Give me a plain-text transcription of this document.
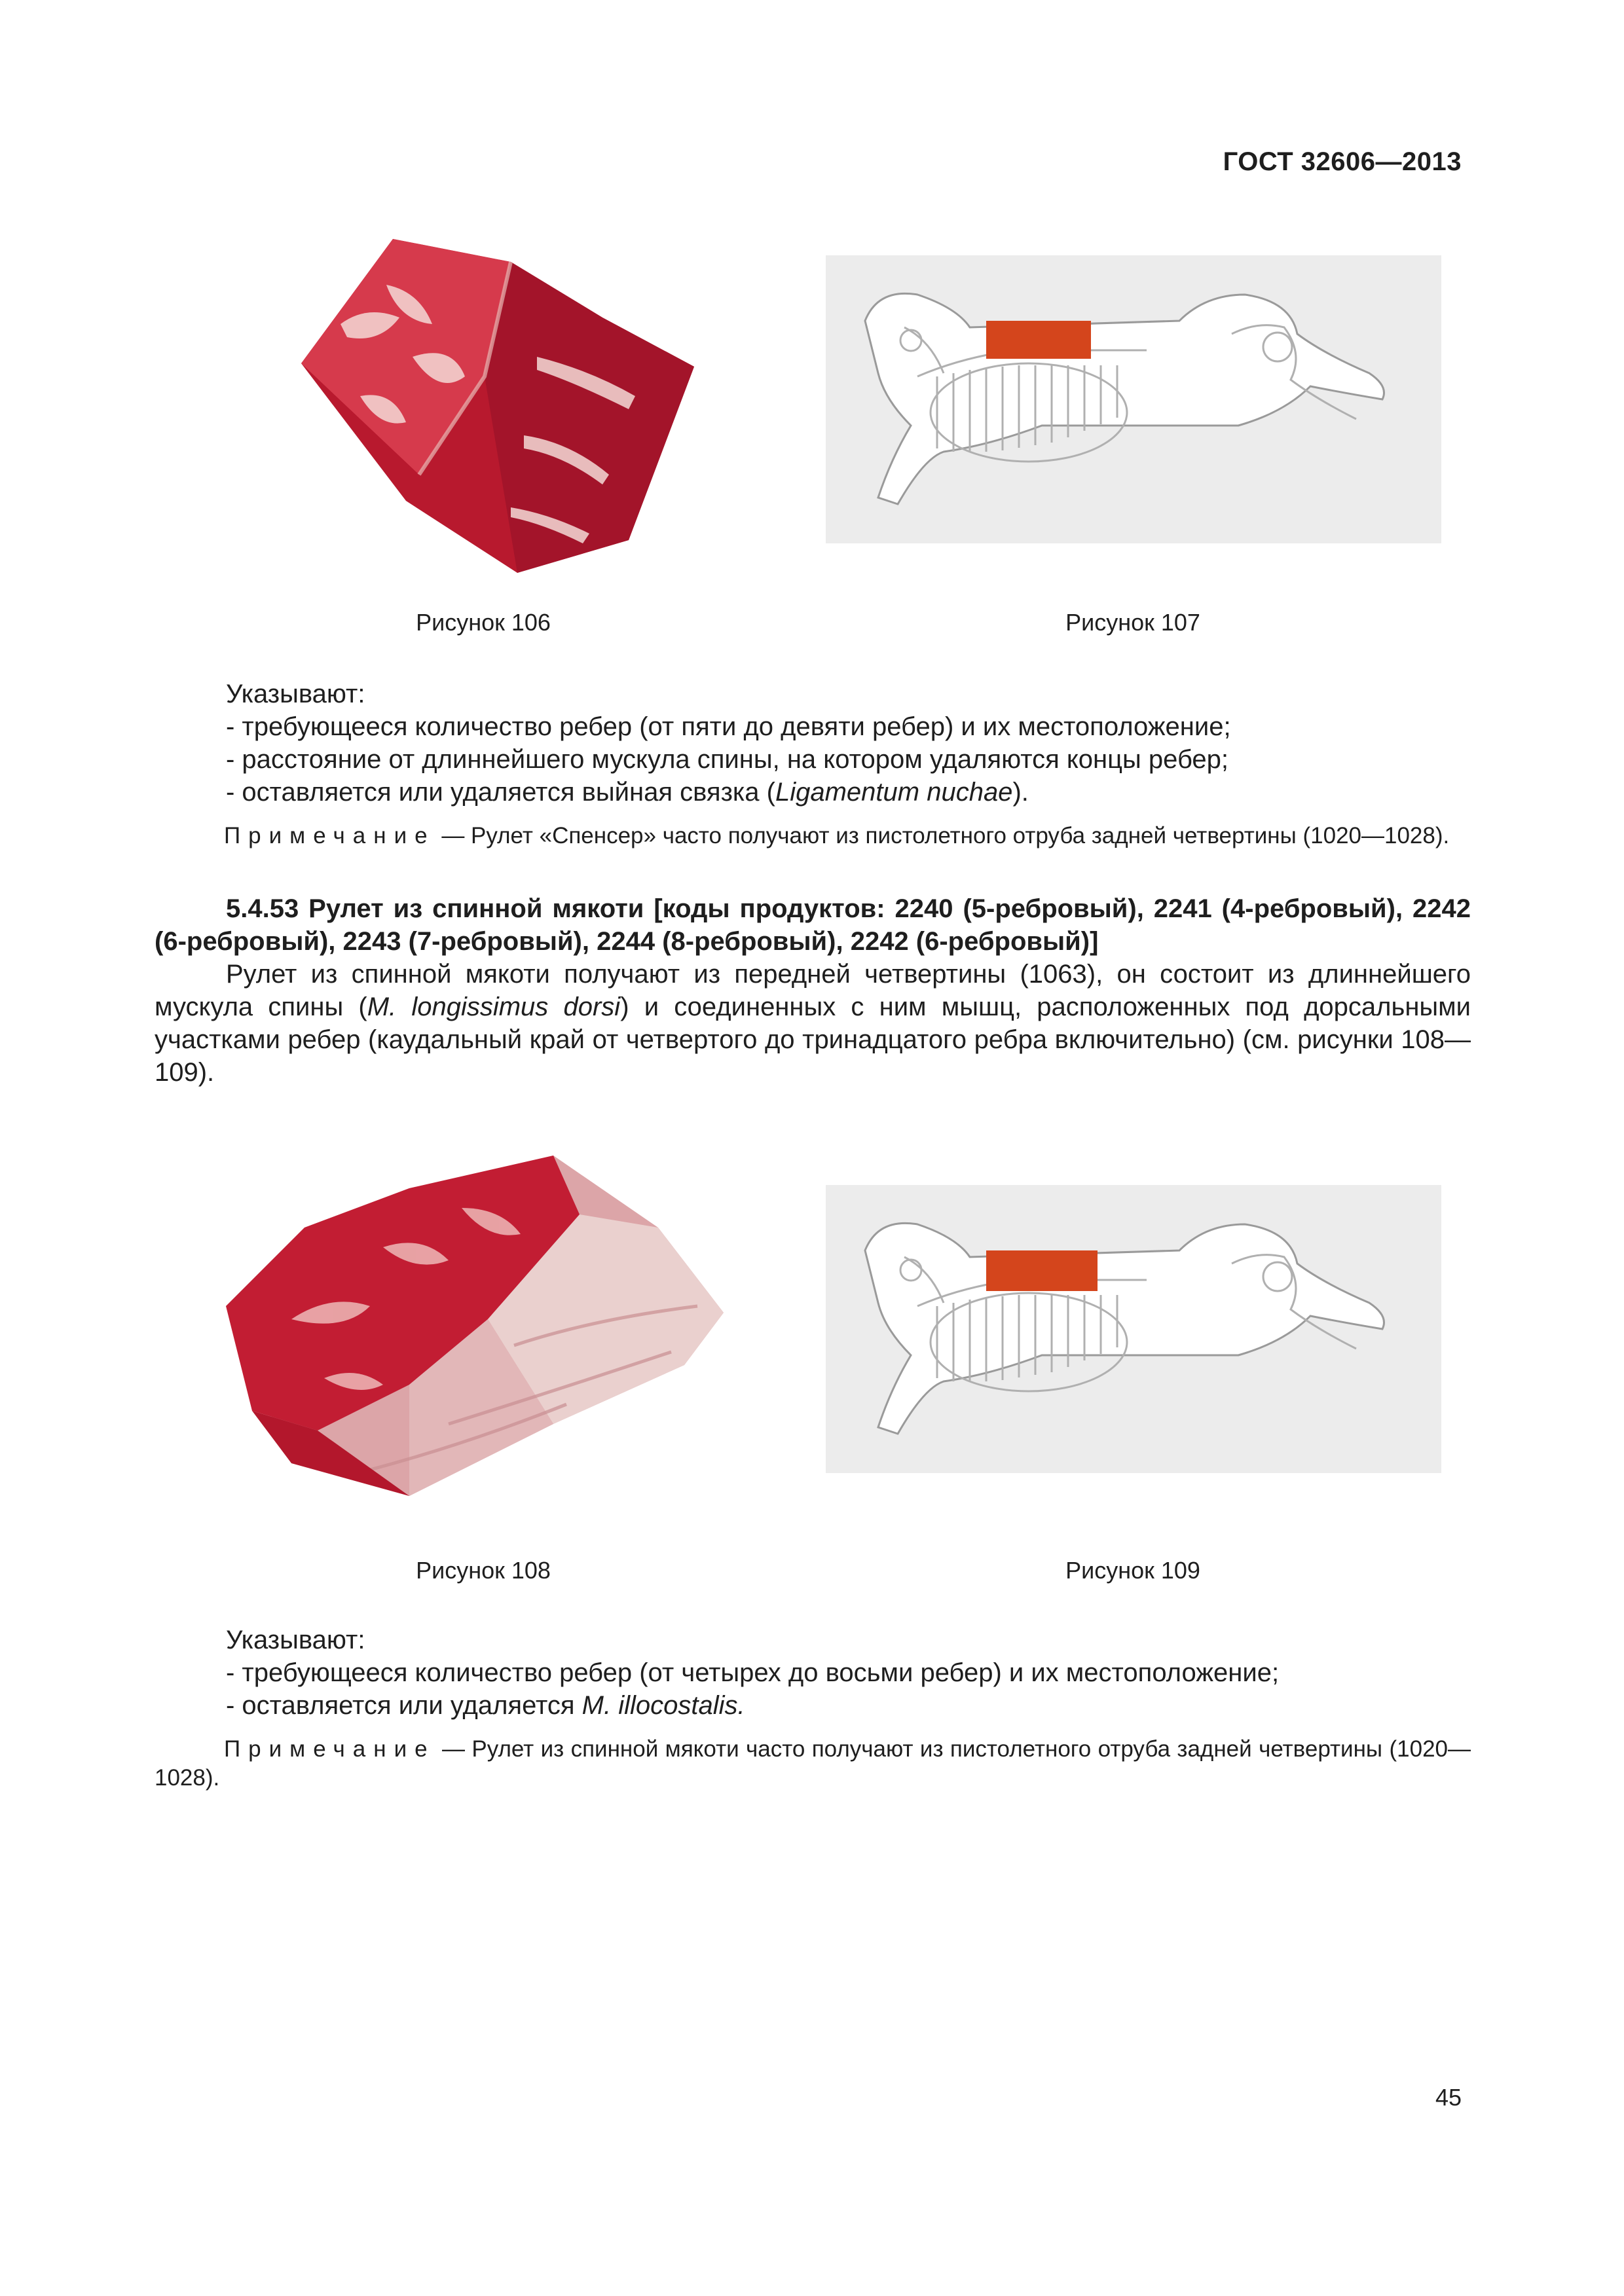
ГОСТ 32606—2013
Рисунок 106	Рисунок 107
Указывают:
- требующееся количество ребер (от пяти до девяти ребер) и их местоположение;
- расстояние от длиннейшего мускула спины, на котором удаляются концы ребер;
- оставляется или удаляется выйная связка (Ligamentum nuchae).
Примечание — Рулет «Спенсер» часто получают из пистолетного отруба задней четвертины (1020—1028).
5.4.53 Рулет из спинной мякоти [коды продуктов: 2240 (5-ребровый), 2241 (4-ребровый), 2242 (6-ребровый), 2243 (7-ребровый), 2244 (8-ребровый), 2242 (6-ребровый)]
Рулет из спинной мякоти получают из передней четвертины (1063), он состоит из длиннейшего мускула спины (M. longissimus dorsi) и соединенных с ним мышц, расположенных под дорсальными участками ребер (каудальный край от четвертого до тринадцатого ребра включительно) (см. рисунки 108—109).
Рисунок 108	Рисунок 109
Указывают:
- требующееся количество ребер (от четырех до восьми ребер) и их местоположение;
- оставляется или удаляется M. illocostalis.
Примечание — Рулет из спинной мякоти часто получают из пистолетного отруба задней четвертины (1020—1028).
45
